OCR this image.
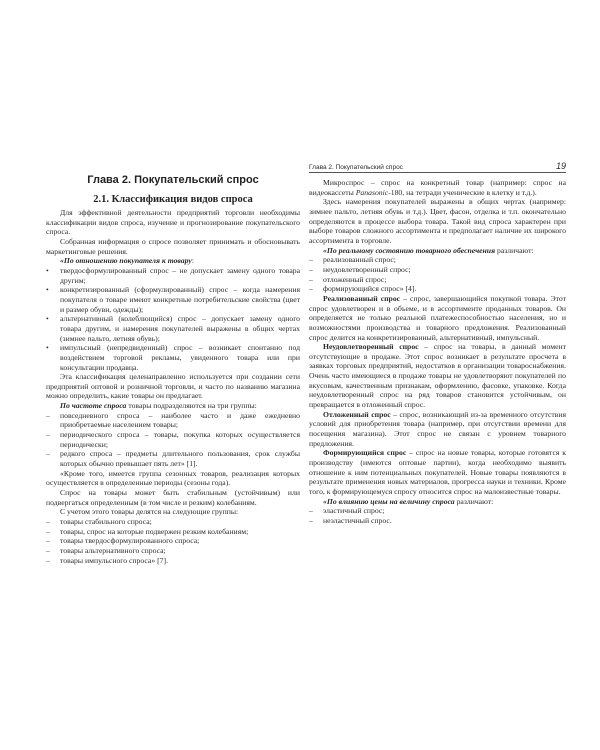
Глава 2. Покупательский спрос
2.1. Классификация видов спроса

Для эффективной деятельности предприятий торговли необходимы классификации видов спроса, изучение и прогнозирование покупательского спроса.

Собранная информация о спросе позволяет принимать и обосновывать маркетинговые решения.

«По отношению покупателя к товару:

• твердосформулированный спрос – не допускает замену одного товара другим;
• конкретизированный (сформулированный) спрос – когда намерения покупателя о товаре имеют конкретные потребительские свойства (цвет и размер обуви, одежды);
• альтернативный (колеблющийся) спрос – допускает замену одного товара другим, и намерения покупателей выражены в общих чертах (зимнее пальто, летняя обувь);
• импульсный (непредвиденный) спрос – возникает спонтанно под воздействием торговой рекламы, увиденного товара или при консультации продавца.

Эта классификация целенаправленно используется при создании сети предприятий оптовой и розничной торговли, и часто по названию магазина можно определить, какие товары он предлагает.

По частоте спроса товары подразделяются на три группы:

– повседневного спроса – наиболее часто и даже ежедневно приобретаемые населением товары;
– периодического спроса – товары, покупка которых осуществляется периодически;
– редкого спроса – предметы длительного пользования, срок службы которых обычно превышает пять лет» [1].

«Кроме того, имеется группа сезонных товаров, реализация которых осуществляется в определенные периоды (сезоны года).

Спрос на товары может быть стабильным (устойчивым) или подвергаться определенным (в том числе и резким) колебаниям.

С учетом этого товары делятся на следующие группы:

– товары стабильного спроса;
– товары, спрос на которые подвержен резким колебаниям;
– товары твердосформулированного спроса;
– товары альтернативного спроса;
– товары импульсного спроса» [7].
Глава 2. Покупательский спрос	19

Микроспрос – спрос на конкретный товар (например: спрос на видеокассеты Panasonic-180, на тетради ученические в клетку и т.д.).

Здесь намерения покупателей выражены в общих чертах (например: зимнее пальто, летняя обувь и т.д.). Цвет, фасон, отделка и т.п. окончательно определяются в процессе выбора товара. Такой вид спроса характерен при выборе товаров сложного ассортимента и предполагает наличие их широкого ассортимента в торговле.

«По реальному состоянию товарного обеспечения различают:

– реализованный спрос;
– неудовлетворенный спрос;
– отложенный спрос;
– формирующийся спрос» [4].

Реализованный спрос – спрос, завершающийся покупкой товара. Этот спрос удовлетворен и в объеме, и в ассортименте проданных товаров. Он определяется не только реальной платежеспособностью населения, но и возможностями производства и товарного предложения. Реализованный спрос делится на конкретизированный, альтернативный, импульсный.

Неудовлетворенный спрос – спрос на товары, в данный момент отсутствующие в продаже. Этот спрос возникает в результате просчета в заявках торговых предприятий, недостатков в организации товароснабжения. Очень часто имеющиеся в продаже товары не удовлетворяют покупателей по вкусовым, качественным признакам, оформлению, фасовке, упаковке. Когда неудовлетворенный спрос на ряд товаров становится устойчивым, он превращается в отложенный спрос.

Отложенный спрос – спрос, возникающий из-за временного отсутствия условий для приобретения товара (например, при отсутствии времени для посещения магазина). Этот спрос не связан с уровнем товарного предложения.

Формирующийся спрос – спрос на новые товары, которые готовятся к производству (имеются оптовые партии), когда необходимо выявить отношение к ним потенциальных покупателей. Новые товары появляются в результате применения новых материалов, прогресса науки и техники. Кроме того, к формирующемуся спросу относится спрос на малоизвестные товары.

«По влиянию цены на величину спроса различают:

– эластичный спрос;
– неэластичный спрос.
